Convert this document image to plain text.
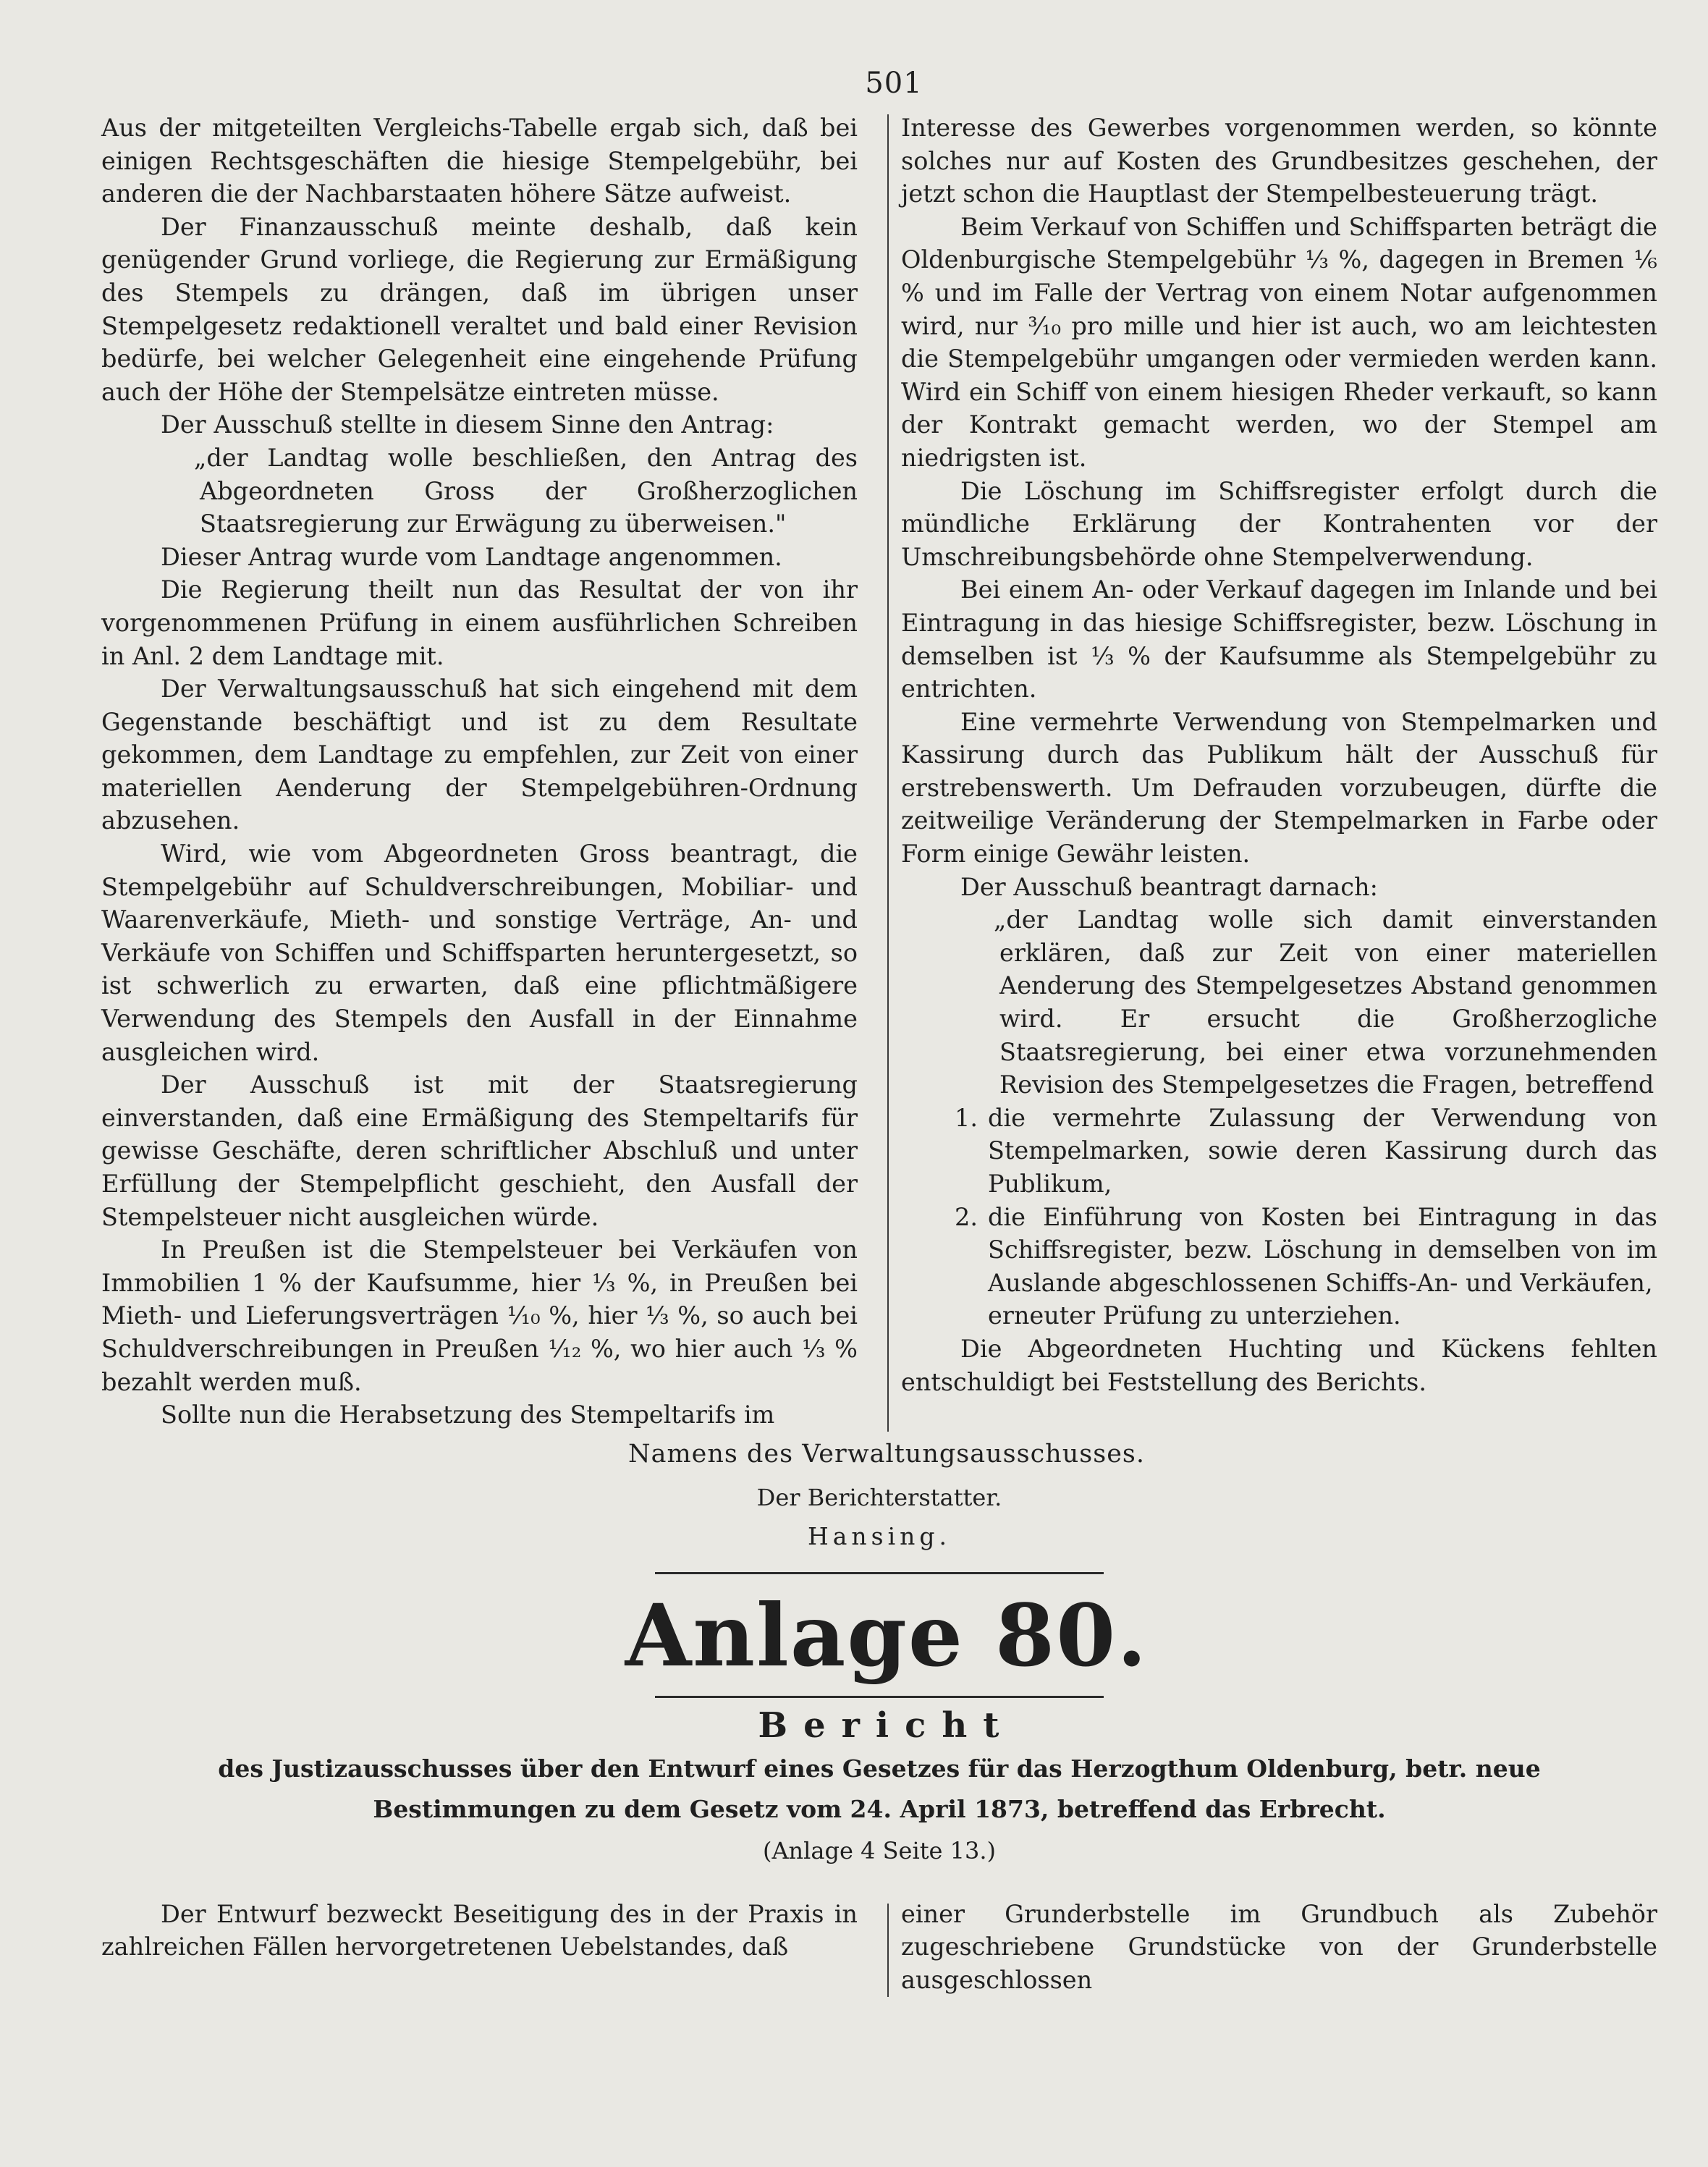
501

Aus der mitgeteilten Vergleichs-Tabelle ergab sich, daß bei einigen Rechtsgeschäften die hiesige Stempelgebühr, bei anderen die der Nachbarstaaten höhere Sätze aufweist.

Der Finanzausschuß meinte deshalb, daß kein genügender Grund vorliege, die Regierung zur Ermäßigung des Stempels zu drängen, daß im übrigen unser Stempelgesetz redaktionell veraltet und bald einer Revision bedürfe, bei welcher Gelegenheit eine eingehende Prüfung auch der Höhe der Stempelsätze eintreten müsse.

Der Ausschuß stellte in diesem Sinne den Antrag:

„der Landtag wolle beschließen, den Antrag des Abgeordneten Gross der Großherzoglichen Staatsregierung zur Erwägung zu überweisen."

Dieser Antrag wurde vom Landtage angenommen.

Die Regierung theilt nun das Resultat der von ihr vorgenommenen Prüfung in einem ausführlichen Schreiben in Anl. 2 dem Landtage mit.

Der Verwaltungsausschuß hat sich eingehend mit dem Gegenstande beschäftigt und ist zu dem Resultate gekommen, dem Landtage zu empfehlen, zur Zeit von einer materiellen Aenderung der Stempelgebühren-Ordnung abzusehen.

Wird, wie vom Abgeordneten Gross beantragt, die Stempelgebühr auf Schuldverschreibungen, Mobiliar- und Waarenverkäufe, Mieth- und sonstige Verträge, An- und Verkäufe von Schiffen und Schiffsparten heruntergesetzt, so ist schwerlich zu erwarten, daß eine pflichtmäßigere Verwendung des Stempels den Ausfall in der Einnahme ausgleichen wird.

Der Ausschuß ist mit der Staatsregierung einverstanden, daß eine Ermäßigung des Stempeltarifs für gewisse Geschäfte, deren schriftlicher Abschluß und unter Erfüllung der Stempelpflicht geschieht, den Ausfall der Stempelsteuer nicht ausgleichen würde.

In Preußen ist die Stempelsteuer bei Verkäufen von Immobilien 1 % der Kaufsumme, hier ⅓ %, in Preußen bei Mieth- und Lieferungsverträgen ¹⁄₁₀ %, hier ⅓ %, so auch bei Schuldverschreibungen in Preußen ¹⁄₁₂ %, wo hier auch ⅓ % bezahlt werden muß.

Sollte nun die Herabsetzung des Stempeltarifs im

Interesse des Gewerbes vorgenommen werden, so könnte solches nur auf Kosten des Grundbesitzes geschehen, der jetzt schon die Hauptlast der Stempelbesteuerung trägt.

Beim Verkauf von Schiffen und Schiffsparten beträgt die Oldenburgische Stempelgebühr ⅓ %, dagegen in Bremen ⅙ % und im Falle der Vertrag von einem Notar aufgenommen wird, nur ³⁄₁₀ pro mille und hier ist auch, wo am leichtesten die Stempelgebühr umgangen oder vermieden werden kann. Wird ein Schiff von einem hiesigen Rheder verkauft, so kann der Kontrakt gemacht werden, wo der Stempel am niedrigsten ist.

Die Löschung im Schiffsregister erfolgt durch die mündliche Erklärung der Kontrahenten vor der Umschreibungsbehörde ohne Stempelverwendung.

Bei einem An- oder Verkauf dagegen im Inlande und bei Eintragung in das hiesige Schiffsregister, bezw. Löschung in demselben ist ⅓ % der Kaufsumme als Stempelgebühr zu entrichten.

Eine vermehrte Verwendung von Stempelmarken und Kassirung durch das Publikum hält der Ausschuß für erstrebenswerth. Um Defrauden vorzubeugen, dürfte die zeitweilige Veränderung der Stempelmarken in Farbe oder Form einige Gewähr leisten.

Der Ausschuß beantragt darnach:

„der Landtag wolle sich damit einverstanden erklären, daß zur Zeit von einer materiellen Aenderung des Stempelgesetzes Abstand genommen wird. Er ersucht die Großherzogliche Staatsregierung, bei einer etwa vorzunehmenden Revision des Stempelgesetzes die Fragen, betreffend

1. die vermehrte Zulassung der Verwendung von Stempelmarken, sowie deren Kassirung durch das Publikum,

2. die Einführung von Kosten bei Eintragung in das Schiffsregister, bezw. Löschung in demselben von im Auslande abgeschlossenen Schiffs-An- und Verkäufen,

erneuter Prüfung zu unterziehen.

Die Abgeordneten Huchting und Kückens fehlten entschuldigt bei Feststellung des Berichts.

Namens des Verwaltungsausschusses.
Der Berichterstatter.
Hansing.
Anlage 80.
Bericht
des Justizausschusses über den Entwurf eines Gesetzes für das Herzogthum Oldenburg, betr. neue
Bestimmungen zu dem Gesetz vom 24. April 1873, betreffend das Erbrecht.
(Anlage 4 Seite 13.)

Der Entwurf bezweckt Beseitigung des in der Praxis in zahlreichen Fällen hervorgetretenen Uebelstandes, daß

einer Grunderbstelle im Grundbuch als Zubehör zugeschriebene Grundstücke von der Grunderbstelle ausgeschlossen
